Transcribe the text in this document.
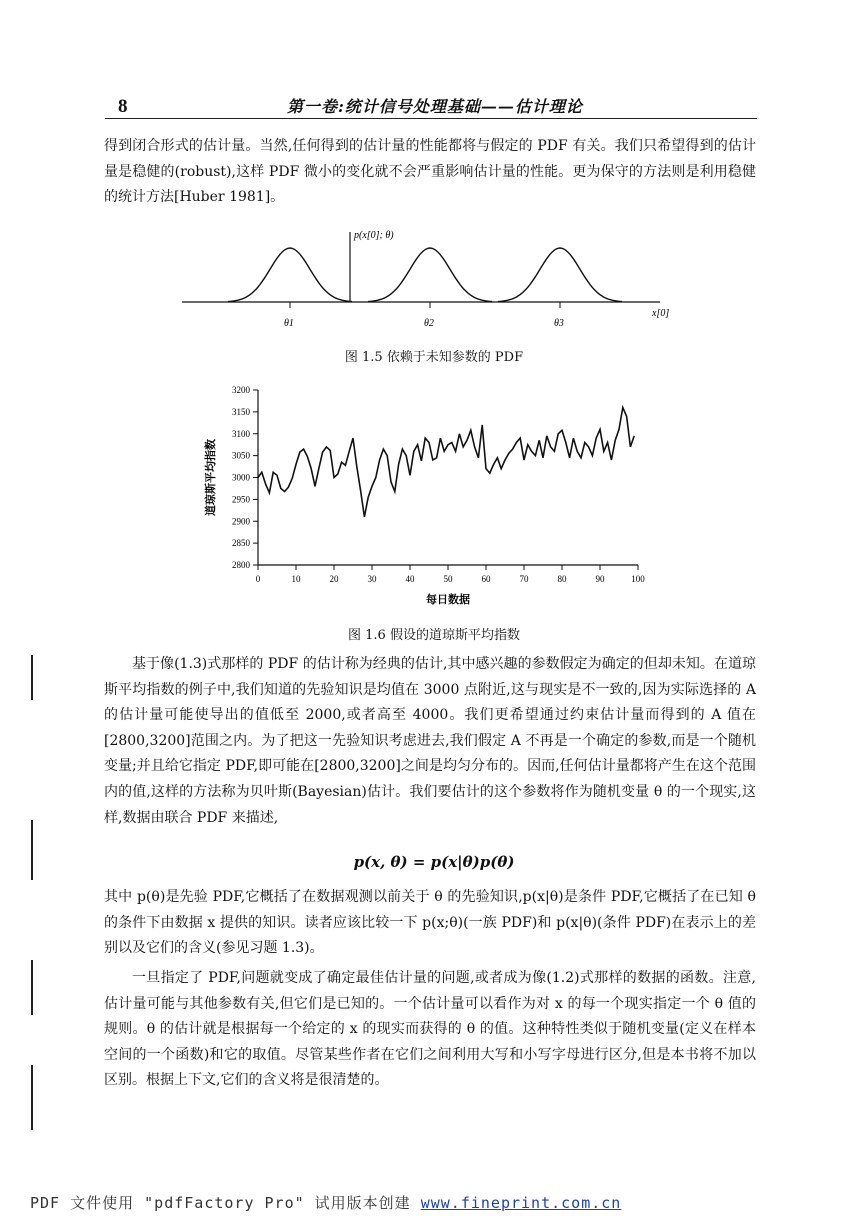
8	第一卷:统计信号处理基础——估计理论

得到闭合形式的估计量。当然,任何得到的估计量的性能都将与假定的 PDF 有关。我们只希望得到的估计量是稳健的(robust),这样 PDF 微小的变化就不会严重影响估计量的性能。更为保守的方法则是利用稳健的统计方法[Huber 1981]。

p(x[0]; θ)
x[0]
θ1	θ2	θ3
图 1.5 依赖于未知参数的 PDF
2800
2850
2900
2950
3000
3050
3100
3150
3200
0	10	20	30	40	50	60	70	80	90	100
道琼斯平均指数
每日数据
图 1.6 假设的道琼斯平均指数

基于像(1.3)式那样的 PDF 的估计称为经典的估计,其中感兴趣的参数假定为确定的但却未知。在道琼斯平均指数的例子中,我们知道的先验知识是均值在 3000 点附近,这与现实是不一致的,因为实际选择的 A 的估计量可能使导出的值低至 2000,或者高至 4000。我们更希望通过约束估计量而得到的 A 值在[2800,3200]范围之内。为了把这一先验知识考虑进去,我们假定 A 不再是一个确定的参数,而是一个随机变量;并且给它指定 PDF,即可能在[2800,3200]之间是均匀分布的。因而,任何估计量都将产生在这个范围内的值,这样的方法称为贝叶斯(Bayesian)估计。我们要估计的这个参数将作为随机变量 θ 的一个现实,这样,数据由联合 PDF 来描述,

p(x, θ) = p(x|θ)p(θ)

其中 p(θ)是先验 PDF,它概括了在数据观测以前关于 θ 的先验知识,p(x|θ)是条件 PDF,它概括了在已知 θ 的条件下由数据 x 提供的知识。读者应该比较一下 p(x;θ)(一族 PDF)和 p(x|θ)(条件 PDF)在表示上的差别以及它们的含义(参见习题 1.3)。

一旦指定了 PDF,问题就变成了确定最佳估计量的问题,或者成为像(1.2)式那样的数据的函数。注意,估计量可能与其他参数有关,但它们是已知的。一个估计量可以看作为对 x 的每一个现实指定一个 θ 值的规则。θ 的估计就是根据每一个给定的 x 的现实而获得的 θ 的值。这种特性类似于随机变量(定义在样本空间的一个函数)和它的取值。尽管某些作者在它们之间利用大写和小写字母进行区分,但是本书将不加以区别。根据上下文,它们的含义将是很清楚的。

PDF 文件使用 "pdfFactory Pro" 试用版本创建 www.fineprint.com.cn
